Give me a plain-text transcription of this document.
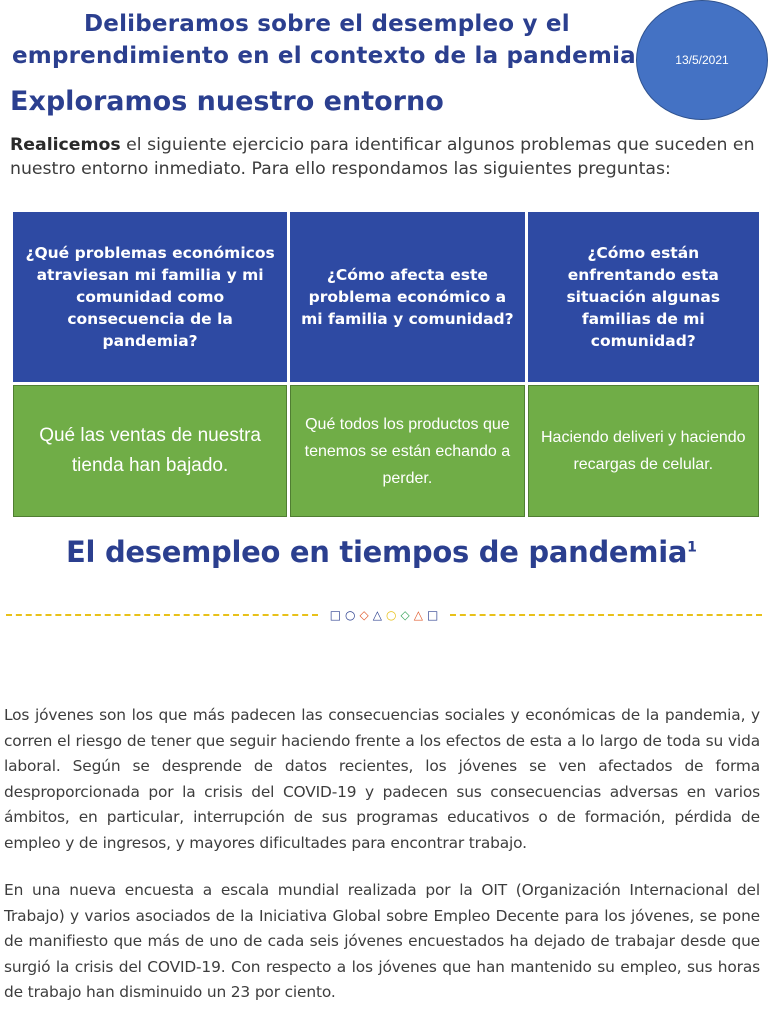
Deliberamos sobre el desempleo y el
emprendimiento en el contexto de la pandemia	13/5/2021
Exploramos nuestro entorno

Realicemos el siguiente ejercicio para identificar algunos problemas que suceden en nuestro entorno inmediato. Para ello respondamos las siguientes preguntas:

¿Qué problemas económicos atraviesan mi familia y mi comunidad como consecuencia de la pandemia?	¿Cómo afecta este problema económico a mi familia y comunidad?	¿Cómo están enfrentando esta situación algunas familias de mi comunidad?
Qué las ventas de nuestra tienda han bajado.	Qué todos los productos que tenemos se están echando a perder.	Haciendo deliveri y haciendo recargas de celular.
El desempleo en tiempos de pandemia$^1$
□ ○ ◇ △ ○ ◇ △ □

Los jóvenes son los que más padecen las consecuencias sociales y económicas de la pandemia, y corren el riesgo de tener que seguir haciendo frente a los efectos de esta a lo largo de toda su vida laboral. Según se desprende de datos recientes, los jóvenes se ven afectados de forma desproporcionada por la crisis del COVID-19 y padecen sus consecuencias adversas en varios ámbitos, en particular, interrupción de sus programas educativos o de formación, pérdida de empleo y de ingresos, y mayores dificultades para encontrar trabajo.

En una nueva encuesta a escala mundial realizada por la OIT (Organización Internacional del Trabajo) y varios asociados de la Iniciativa Global sobre Empleo Decente para los jóvenes, se pone de manifiesto que más de uno de cada seis jóvenes encuestados ha dejado de trabajar desde que surgió la crisis del COVID-19. Con respecto a los jóvenes que han mantenido su empleo, sus horas de trabajo han disminuido un 23 por ciento.
